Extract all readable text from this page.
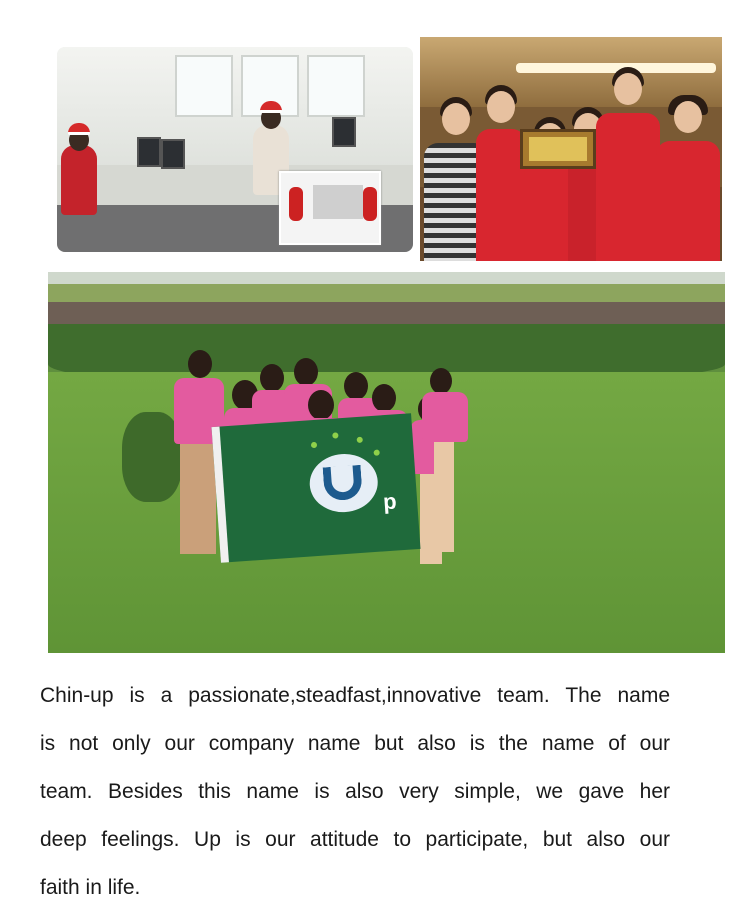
p
Chin-up is a passionate,steadfast,innovative team. The name
is not only our company name but also is the name of our
team. Besides this name is also very simple, we gave her
deep feelings. Up is our attitude to participate, but also our
faith in life.
